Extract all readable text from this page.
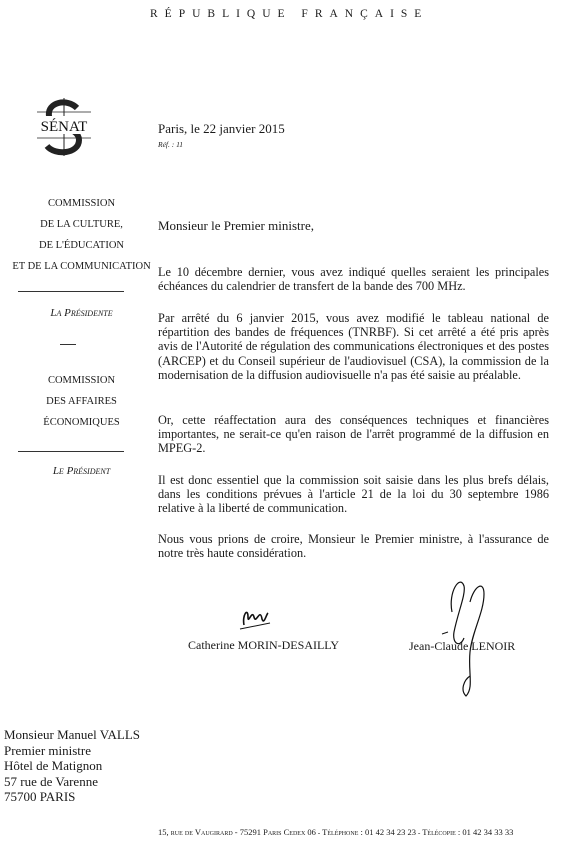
RÉPUBLIQUE FRANÇAISE
SÉNAT
COMMISSION
DE LA CULTURE,
DE L'ÉDUCATION
ET DE LA COMMUNICATION
La Présidente
COMMISSION
DES AFFAIRES
ÉCONOMIQUES
Le Président
Paris, le 22 janvier 2015
Réf. : 11
Monsieur le Premier ministre,
Le 10 décembre dernier, vous avez indiqué quelles seraient les principales échéances du calendrier de transfert de la bande des 700 MHz.
Par arrêté du 6 janvier 2015, vous avez modifié le tableau national de répartition des bandes de fréquences (TNRBF). Si cet arrêté a été pris après avis de l'Autorité de régulation des communications électroniques et des postes (ARCEP) et du Conseil supérieur de l'audiovisuel (CSA), la commission de la modernisation de la diffusion audiovisuelle n'a pas été saisie au préalable.
Or, cette réaffectation aura des conséquences techniques et financières importantes, ne serait-ce qu'en raison de l'arrêt programmé de la diffusion en MPEG-2.
Il est donc essentiel que la commission soit saisie dans les plus brefs délais, dans les conditions prévues à l'article 21 de la loi du 30 septembre 1986 relative à la liberté de communication.
Nous vous prions de croire, Monsieur le Premier ministre, à l'assurance de notre très haute considération.
Catherine MORIN-DESAILLY	Jean-Claude LENOIR
Monsieur Manuel VALLS
Premier ministre
Hôtel de Matignon
57 rue de Varenne
75700 PARIS
15, rue de Vaugirard - 75291 Paris Cedex 06 - Téléphone : 01 42 34 23 23 - Télécopie : 01 42 34 33 33
